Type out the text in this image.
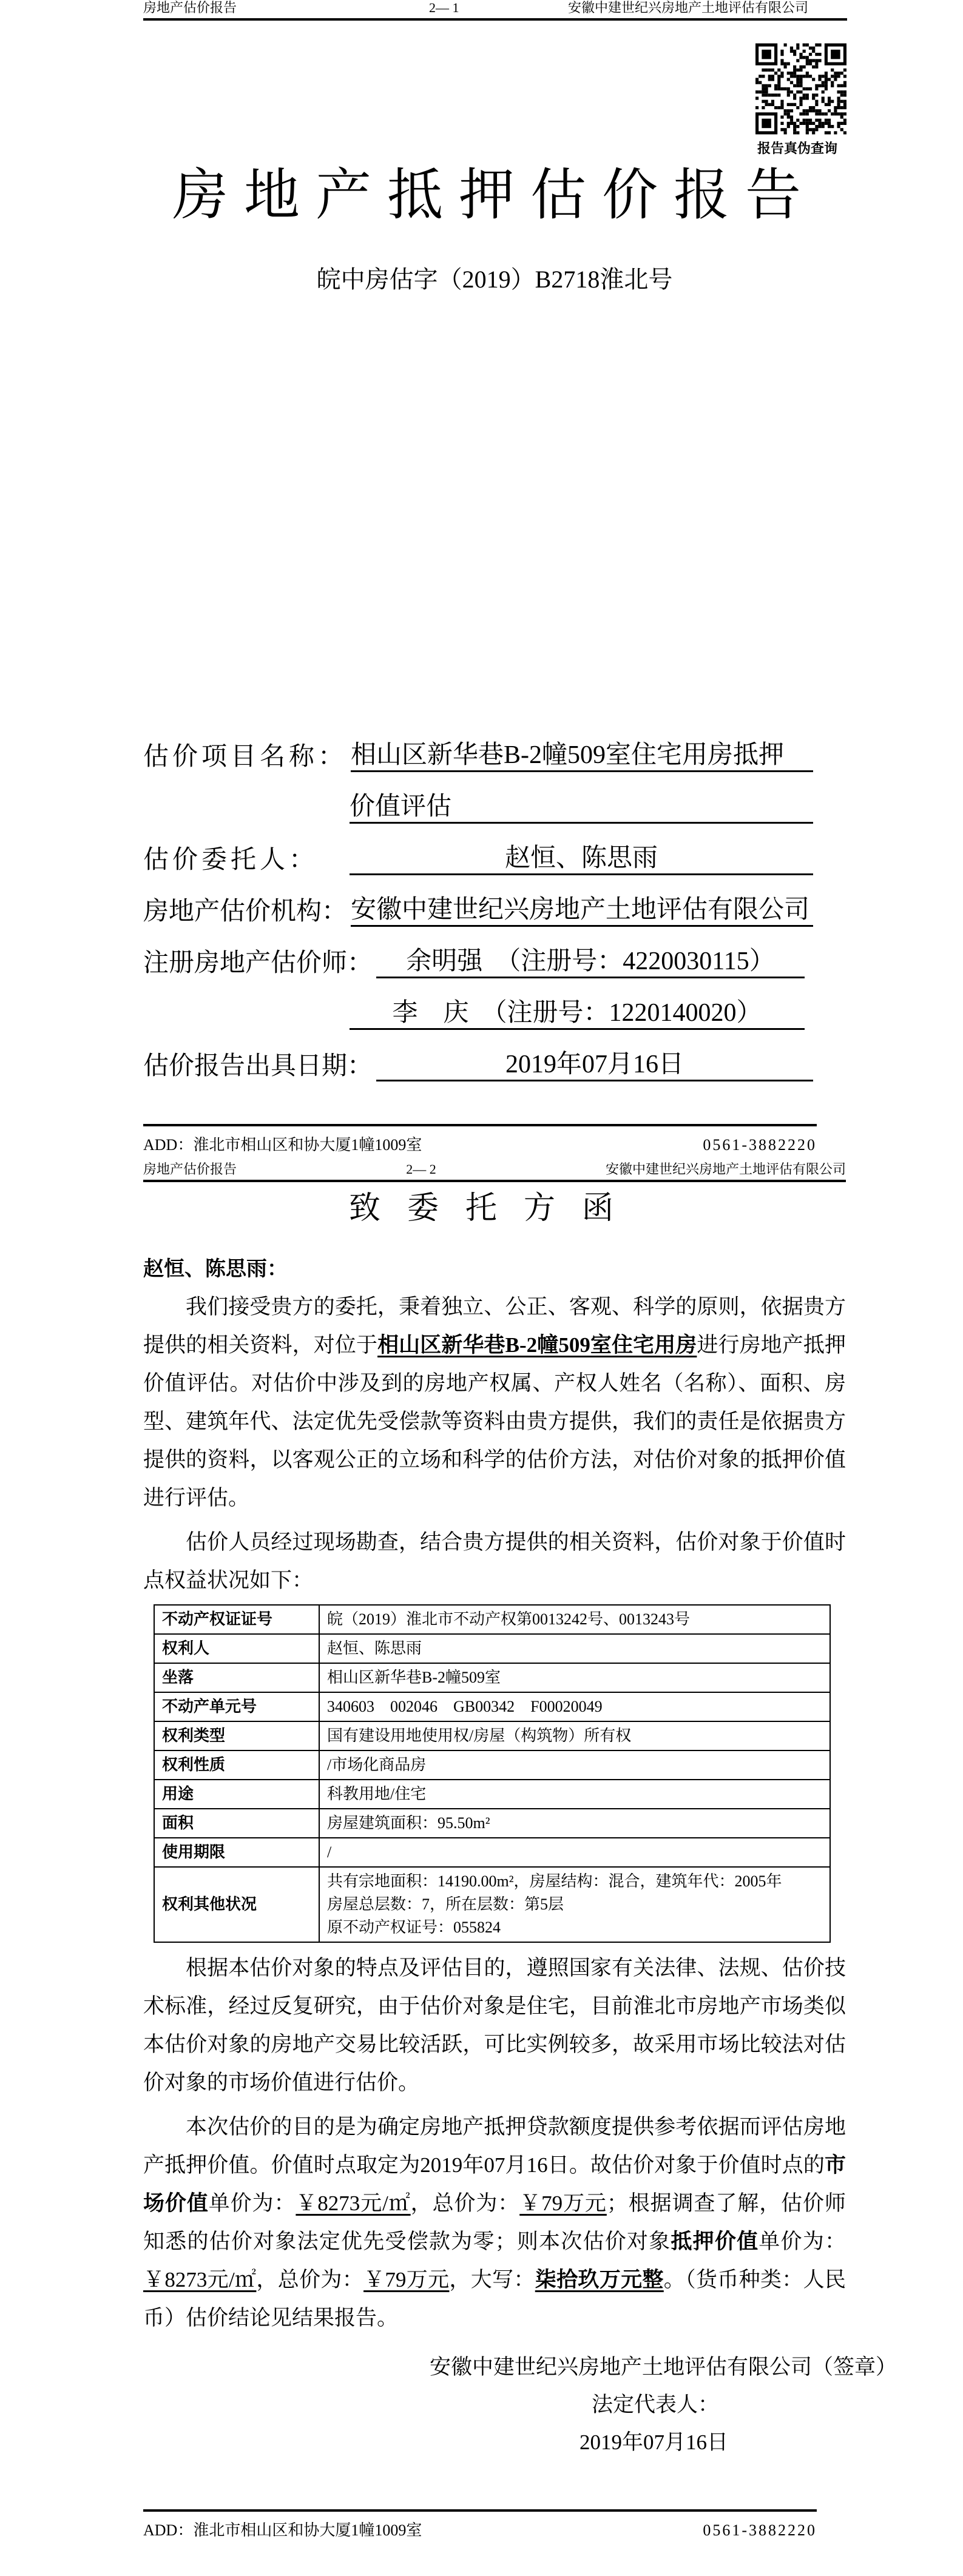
房地产估价报告	2— 1	安徽中建世纪兴房地产土地评估有限公司
报告真伪查询
房地产抵押估价报告
皖中房估字（2019）B2718淮北号
估价项目名称： 相山区新华巷B-2幢509室住宅用房抵押
价值评估
估价委托人：	赵恒、陈思雨
房地产估价机构： 安徽中建世纪兴房地产土地评估有限公司
注册房地产估价师：	余明强　（注册号：4220030115）
李　庆　（注册号：1220140020）
估价报告出具日期：	2019年07月16日
ADD：淮北市相山区和协大厦1幢1009室	0561-3882220
房地产估价报告	2— 2	安徽中建世纪兴房地产土地评估有限公司
致委托方函
赵恒、陈思雨：
我们接受贵方的委托，秉着独立、公正、客观、科学的原则，依据贵方提供的相关资料，对位于相山区新华巷B-2幢509室住宅用房进行房地产抵押价值评估。对估价中涉及到的房地产权属、产权人姓名（名称）、面积、房型、建筑年代、法定优先受偿款等资料由贵方提供，我们的责任是依据贵方提供的资料，以客观公正的立场和科学的估价方法，对估价对象的抵押价值进行评估。
估价人员经过现场勘查，结合贵方提供的相关资料，估价对象于价值时点权益状况如下：
不动产权证证号	皖（2019）淮北市不动产权第0013242号、0013243号

权利人	赵恒、陈思雨

坐落	相山区新华巷B-2幢509室

不动产单元号	340603　002046　GB00342　F00020049

权利类型	国有建设用地使用权/房屋（构筑物）所有权

权利性质	/市场化商品房

用途	科教用地/住宅

面积	房屋建筑面积：95.50m²

使用期限	/

权利其他状况	共有宗地面积：14190.00m²，房屋结构：混合，建筑年代：2005年
房屋总层数：7，所在层数：第5层
原不动产权证号：055824
根据本估价对象的特点及评估目的，遵照国家有关法律、法规、估价技术标准，经过反复研究，由于估价对象是住宅，目前淮北市房地产市场类似本估价对象的房地产交易比较活跃，可比实例较多，故采用市场比较法对估价对象的市场价值进行估价。
本次估价的目的是为确定房地产抵押贷款额度提供参考依据而评估房地产抵押价值。价值时点取定为2019年07月16日。故估价对象于价值时点的市场价值单价为：￥8273元/㎡，总价为：￥79万元；根据调查了解，估价师知悉的估价对象法定优先受偿款为零；则本次估价对象抵押价值单价为：￥8273元/㎡，总价为：￥79万元，大写：柒拾玖万元整。（货币种类：人民币）估价结论见结果报告。
安徽中建世纪兴房地产土地评估有限公司（签章）
法定代表人：
2019年07月16日
ADD：淮北市相山区和协大厦1幢1009室	0561-3882220
